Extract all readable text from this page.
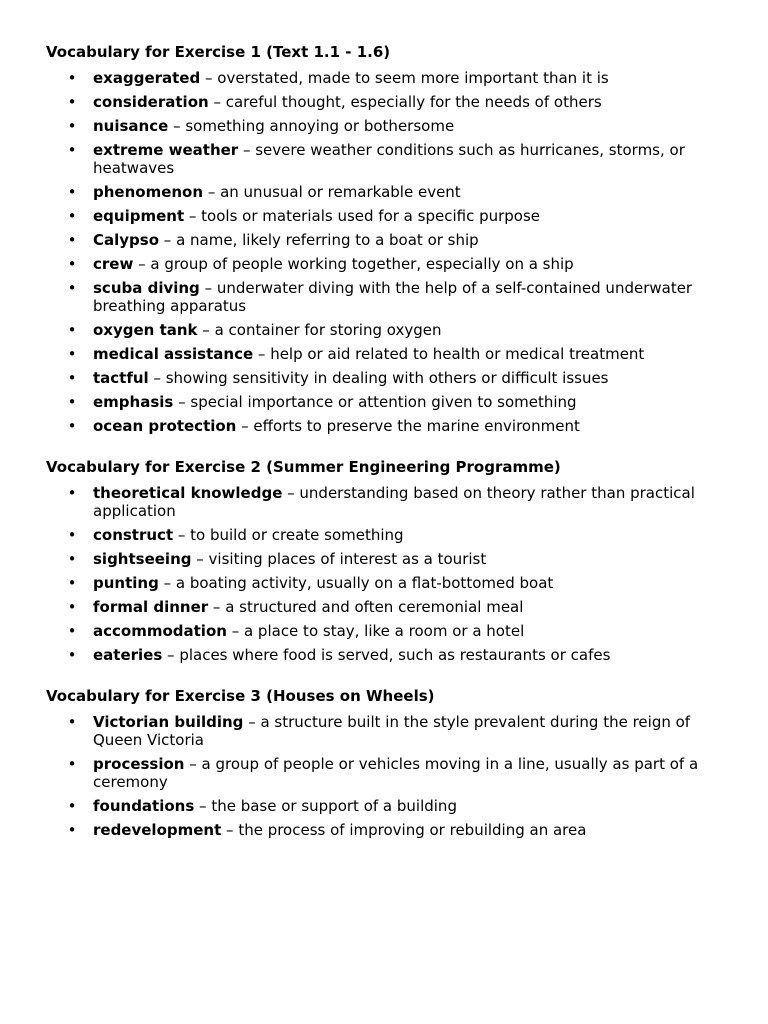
Vocabulary for Exercise 1 (Text 1.1 - 1.6)

• exaggerated – overstated, made to seem more important than it is
• consideration – careful thought, especially for the needs of others
• nuisance – something annoying or bothersome
• extreme weather – severe weather conditions such as hurricanes, storms, or heatwaves
• phenomenon – an unusual or remarkable event
• equipment – tools or materials used for a specific purpose
• Calypso – a name, likely referring to a boat or ship
• crew – a group of people working together, especially on a ship
• scuba diving – underwater diving with the help of a self-contained underwater breathing apparatus
• oxygen tank – a container for storing oxygen
• medical assistance – help or aid related to health or medical treatment
• tactful – showing sensitivity in dealing with others or difficult issues
• emphasis – special importance or attention given to something
• ocean protection – efforts to preserve the marine environment

Vocabulary for Exercise 2 (Summer Engineering Programme)

• theoretical knowledge – understanding based on theory rather than practical application
• construct – to build or create something
• sightseeing – visiting places of interest as a tourist
• punting – a boating activity, usually on a flat-bottomed boat
• formal dinner – a structured and often ceremonial meal
• accommodation – a place to stay, like a room or a hotel
• eateries – places where food is served, such as restaurants or cafes

Vocabulary for Exercise 3 (Houses on Wheels)

• Victorian building – a structure built in the style prevalent during the reign of Queen Victoria
• procession – a group of people or vehicles moving in a line, usually as part of a ceremony
• foundations – the base or support of a building
• redevelopment – the process of improving or rebuilding an area
